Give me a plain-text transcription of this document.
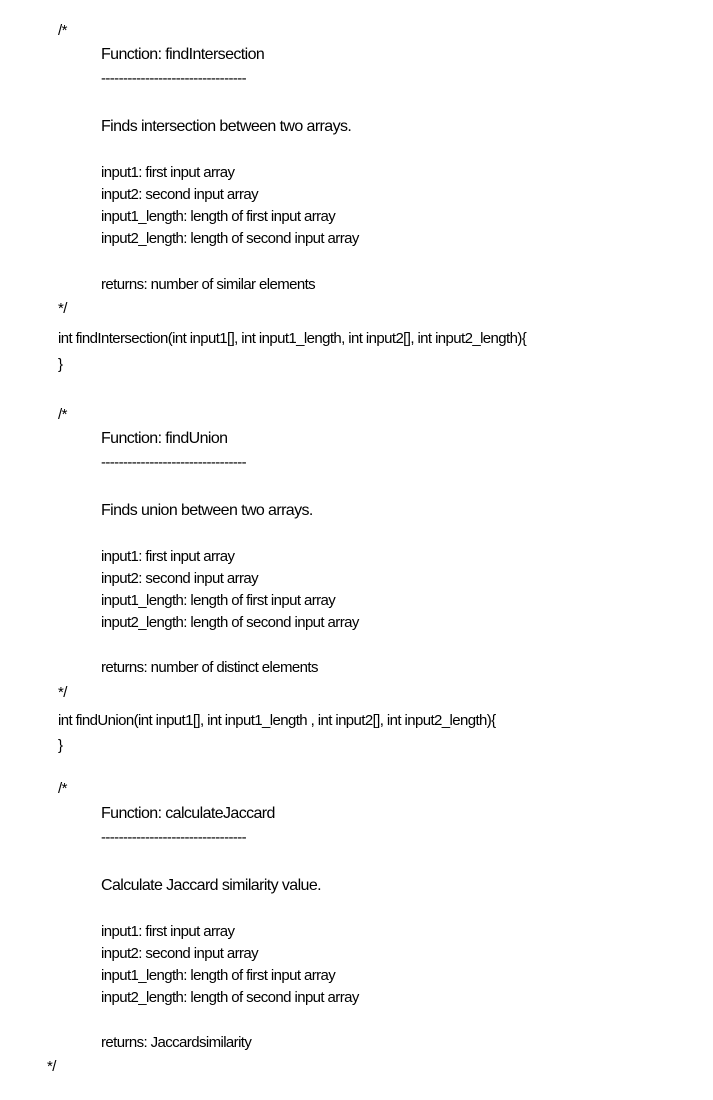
/*
Function: findIntersection
---------------------------------
Finds intersection between two arrays.
input1: first input array
input2: second input array
input1_length: length of first input array
input2_length: length of second input array
returns: number of similar elements
*/
int findIntersection(int input1[], int input1_length, int input2[], int input2_length){
}
/*
Function: findUnion
---------------------------------
Finds union between two arrays.
input1: first input array
input2: second input array
input1_length: length of first input array
input2_length: length of second input array
returns: number of distinct elements
*/
int findUnion(int input1[], int input1_length , int input2[], int input2_length){
}
/*
Function: calculateJaccard
---------------------------------
Calculate Jaccard similarity value.
input1: first input array
input2: second input array
input1_length: length of first input array
input2_length: length of second input array
returns: Jaccardsimilarity
*/
